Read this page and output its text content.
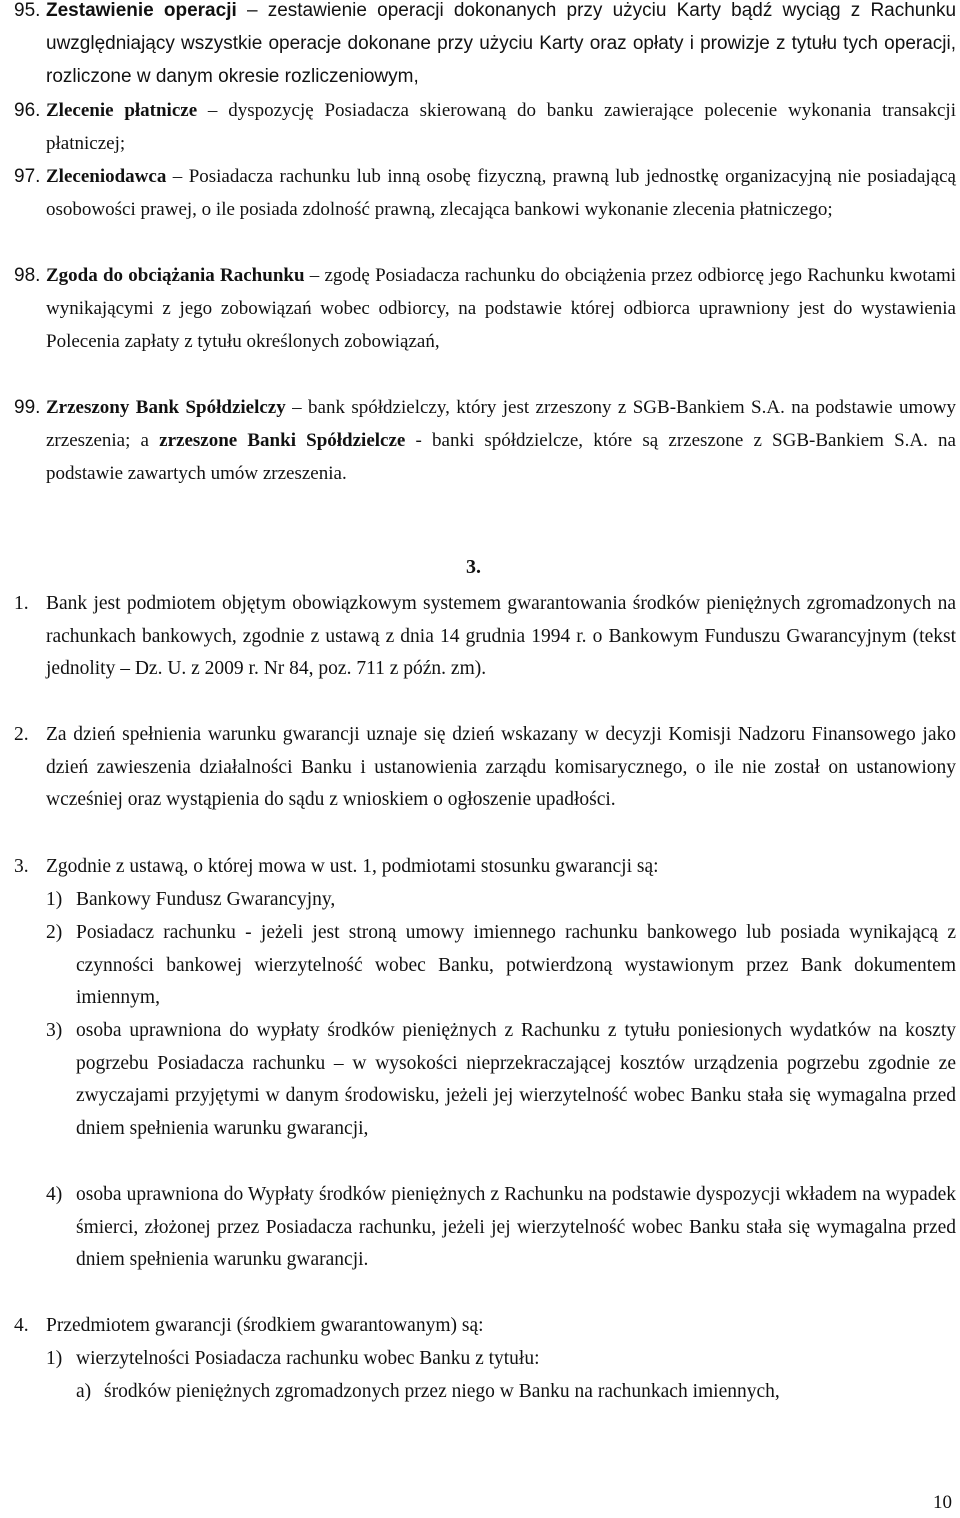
95. Zestawienie operacji – zestawienie operacji dokonanych przy użyciu Karty bądź wyciąg z Rachunku uwzględniający wszystkie operacje dokonane przy użyciu Karty oraz opłaty i prowizje z tytułu tych operacji, rozliczone w danym okresie rozliczeniowym,
96. Zlecenie płatnicze – dyspozycję Posiadacza skierowaną do banku zawierające polecenie wykonania transakcji płatniczej;
97. Zleceniodawca – Posiadacza rachunku lub inną osobę fizyczną, prawną lub jednostkę organizacyjną nie posiadającą osobowości prawej, o ile posiada zdolność prawną, zlecająca bankowi wykonanie zlecenia płatniczego;
98. Zgoda do obciążania Rachunku – zgodę Posiadacza rachunku do obciążenia przez odbiorcę jego Rachunku kwotami wynikającymi z jego zobowiązań wobec odbiorcy, na podstawie której odbiorca uprawniony jest do wystawienia Polecenia zapłaty z tytułu określonych zobowiązań,
99. Zrzeszony Bank Spółdzielczy – bank spółdzielczy, który jest zrzeszony z SGB-Bankiem S.A. na podstawie umowy zrzeszenia; a zrzeszone Banki Spółdzielcze - banki spółdzielcze, które są zrzeszone z SGB-Bankiem S.A. na podstawie zawartych umów zrzeszenia.
3.
1. Bank jest podmiotem objętym obowiązkowym systemem gwarantowania środków pieniężnych zgromadzonych na rachunkach bankowych, zgodnie z ustawą z dnia 14 grudnia 1994 r. o Bankowym Funduszu Gwarancyjnym (tekst jednolity – Dz. U. z 2009 r. Nr 84, poz. 711 z późn. zm).
2. Za dzień spełnienia warunku gwarancji uznaje się dzień wskazany w decyzji Komisji Nadzoru Finansowego jako dzień zawieszenia działalności Banku i ustanowienia zarządu komisarycznego, o ile nie został on ustanowiony wcześniej oraz wystąpienia do sądu z wnioskiem o ogłoszenie upadłości.
3. Zgodnie z ustawą, o której mowa w ust. 1, podmiotami stosunku gwarancji są:
1) Bankowy Fundusz Gwarancyjny,
2) Posiadacz rachunku - jeżeli jest stroną umowy imiennego rachunku bankowego lub posiada wynikającą z czynności bankowej wierzytelność wobec Banku, potwierdzoną wystawionym przez Bank dokumentem imiennym,
3) osoba uprawniona do wypłaty środków pieniężnych z Rachunku z tytułu poniesionych wydatków na koszty pogrzebu Posiadacza rachunku – w wysokości nieprzekraczającej kosztów urządzenia pogrzebu zgodnie ze zwyczajami przyjętymi w danym środowisku, jeżeli jej wierzytelność wobec Banku stała się wymagalna przed dniem spełnienia warunku gwarancji,
4) osoba uprawniona do Wypłaty środków pieniężnych z Rachunku na podstawie dyspozycji wkładem na wypadek śmierci, złożonej przez Posiadacza rachunku, jeżeli jej wierzytelność wobec Banku stała się wymagalna przed dniem spełnienia warunku gwarancji.
4. Przedmiotem gwarancji (środkiem gwarantowanym) są:
1) wierzytelności Posiadacza rachunku wobec Banku z tytułu:
a) środków pieniężnych zgromadzonych przez niego w Banku na rachunkach imiennych,
10
